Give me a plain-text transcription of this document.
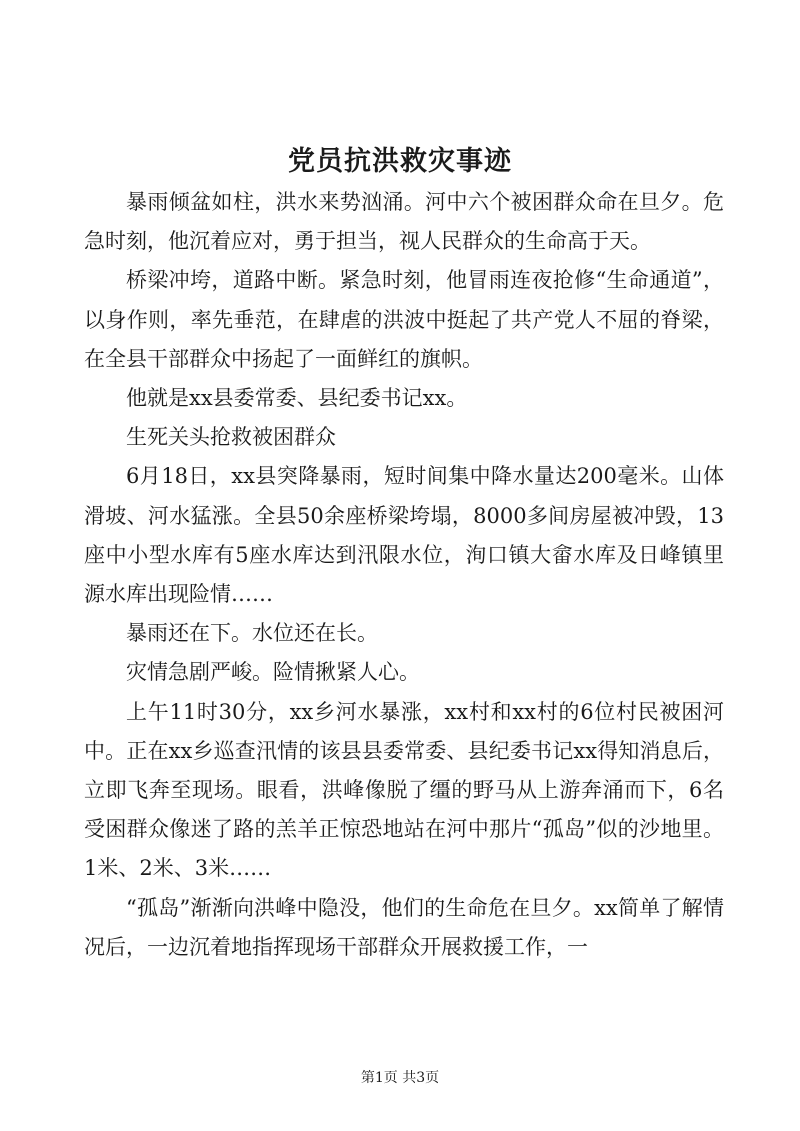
党员抗洪救灾事迹

暴雨倾盆如柱，洪水来势汹涌。河中六个被困群众命在旦夕。危急时刻，他沉着应对，勇于担当，视人民群众的生命高于天。

桥梁冲垮，道路中断。紧急时刻，他冒雨连夜抢修“生命通道”，以身作则，率先垂范，在肆虐的洪波中挺起了共产党人不屈的脊梁，在全县干部群众中扬起了一面鲜红的旗帜。

他就是xx县委常委、县纪委书记xx。

生死关头抢救被困群众

6月18日，xx县突降暴雨，短时间集中降水量达200毫米。山体滑坡、河水猛涨。全县50余座桥梁垮塌，8000多间房屋被冲毁，13座中小型水库有5座水库达到汛限水位，洵口镇大畲水库及日峰镇里源水库出现险情……

暴雨还在下。水位还在长。

灾情急剧严峻。险情揪紧人心。

上午11时30分，xx乡河水暴涨，xx村和xx村的6位村民被困河中。正在xx乡巡查汛情的该县县委常委、县纪委书记xx得知消息后，立即飞奔至现场。眼看，洪峰像脱了缰的野马从上游奔涌而下，6名受困群众像迷了路的羔羊正惊恐地站在河中那片“孤岛”似的沙地里。1米、2米、3米……

“孤岛”渐渐向洪峰中隐没，他们的生命危在旦夕。xx简单了解情况后，一边沉着地指挥现场干部群众开展救援工作，一

第1页 共3页
